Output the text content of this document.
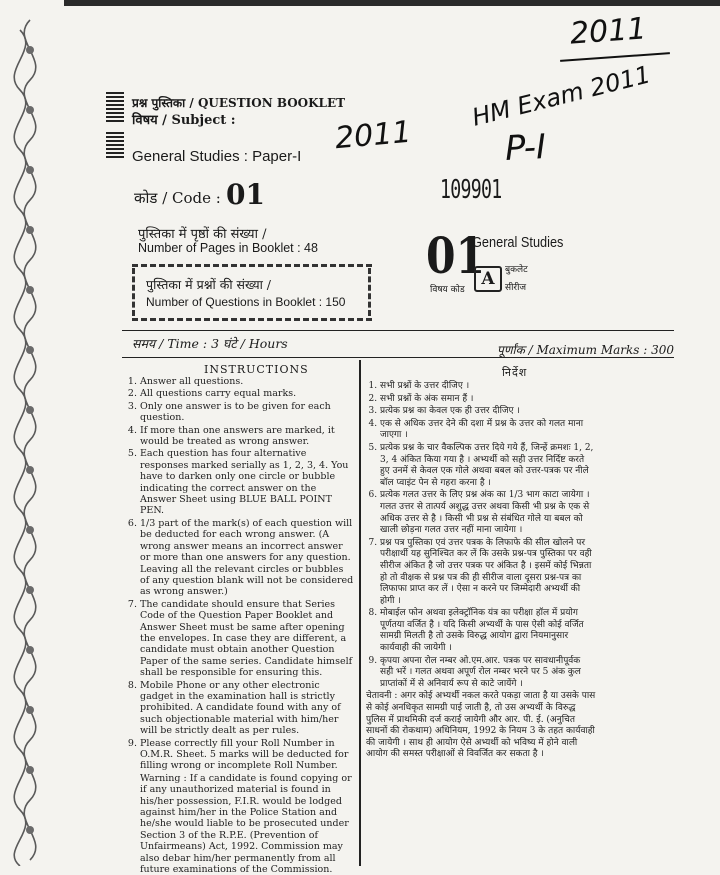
2011
HM Exam 2011
2011	P-I
प्रश्न पुस्तिका / QUESTION BOOKLET
विषय / Subject :
General Studies : Paper-I
कोड / Code : 01	109901
पुस्तिका में पृष्ठों की संख्या /
Number of Pages in Booklet : 48
पुस्तिका में प्रश्नों की संख्या /
Number of Questions in Booklet : 150
01
General Studies
बुकलेट
A	सीरीज
विषय कोड
समय / Time : 3 घंटे / Hours	पूर्णांक / Maximum Marks : 300
INSTRUCTIONS
1. Answer all questions.
2. All questions carry equal marks.
3. Only one answer is to be given for each question.
4. If more than one answers are marked, it would be treated as wrong answer.
5. Each question has four alternative responses marked serially as 1, 2, 3, 4. You have to darken only one circle or bubble indicating the correct answer on the Answer Sheet using BLUE BALL POINT PEN.
6. 1/3 part of the mark(s) of each question will be deducted for each wrong answer. (A wrong answer means an incorrect answer or more than one answers for any question. Leaving all the relevant circles or bubbles of any question blank will not be considered as wrong answer.)
7. The candidate should ensure that Series Code of the Question Paper Booklet and Answer Sheet must be same after opening the envelopes. In case they are different, a candidate must obtain another Question Paper of the same series. Candidate himself shall be responsible for ensuring this.
8. Mobile Phone or any other electronic gadget in the examination hall is strictly prohibited. A candidate found with any of such objectionable material with him/her will be strictly dealt as per rules.
9. Please correctly fill your Roll Number in O.M.R. Sheet. 5 marks will be deducted for filling wrong or incomplete Roll Number.
Warning : If a candidate is found copying or if any unauthorized material is found in his/her possession, F.I.R. would be lodged against him/her in the Police Station and he/she would liable to be prosecuted under Section 3 of the R.P.E. (Prevention of Unfairmeans) Act, 1992. Commission may also debar him/her permanently from all future examinations of the Commission.
निर्देश
1. सभी प्रश्नों के उत्तर दीजिए ।
2. सभी प्रश्नों के अंक समान हैं ।
3. प्रत्येक प्रश्न का केवल एक ही उत्तर दीजिए ।
4. एक से अधिक उत्तर देने की दशा में प्रश्न के उत्तर को गलत माना जाएगा ।
5. प्रत्येक प्रश्न के चार वैकल्पिक उत्तर दिये गये हैं, जिन्हें क्रमशः 1, 2, 3, 4 अंकित किया गया है । अभ्यर्थी को सही उत्तर निर्दिष्ट करते हुए उनमें से केवल एक गोले अथवा बबल को उत्तर-पत्रक पर नीले बॉल प्वाइंट पेन से गहरा करना है ।
6. प्रत्येक गलत उत्तर के लिए प्रश्न अंक का 1/3 भाग काटा जायेगा । गलत उत्तर से तात्पर्य अशुद्ध उत्तर अथवा किसी भी प्रश्न के एक से अधिक उत्तर से है । किसी भी प्रश्न से संबंधित गोले या बबल को खाली छोड़ना गलत उत्तर नहीं माना जायेगा ।
7. प्रश्न पत्र पुस्तिका एवं उत्तर पत्रक के लिफाफे की सील खोलने पर परीक्षार्थी यह सुनिश्चित कर लें कि उसके प्रश्न-पत्र पुस्तिका पर वही सीरीज अंकित है जो उत्तर पत्रक पर अंकित है । इसमें कोई भिन्नता हो तो वीक्षक से प्रश्न पत्र की ही सीरीज वाला दूसरा प्रश्न-पत्र का लिफाफा प्राप्त कर लें । ऐसा न करने पर जिम्मेदारी अभ्यर्थी की होगी ।
8. मोबाईल फोन अथवा इलेक्ट्रॉनिक यंत्र का परीक्षा हॉल में प्रयोग पूर्णतया वर्जित है । यदि किसी अभ्यर्थी के पास ऐसी कोई वर्जित सामग्री मिलती है तो उसके विरुद्ध आयोग द्वारा नियमानुसार कार्यवाही की जायेगी ।
9. कृपया अपना रोल नम्बर ओ.एम.आर. पत्रक पर सावधानीपूर्वक सही भरें । गलत अथवा अपूर्ण रोल नम्बर भरने पर 5 अंक कुल प्राप्तांकों में से अनिवार्य रूप से काटे जायेंगे ।
चेतावनी : अगर कोई अभ्यर्थी नकल करते पकड़ा जाता है या उसके पास से कोई अनधिकृत सामग्री पाई जाती है, तो उस अभ्यर्थी के विरुद्ध पुलिस में प्राथमिकी दर्ज कराई जायेगी और आर. पी. ई. (अनुचित साधनों की रोकथाम) अधिनियम, 1992 के नियम 3 के तहत कार्यवाही की जायेगी । साथ ही आयोग ऐसे अभ्यर्थी को भविष्य में होने वाली आयोग की समस्त परीक्षाओं से विवर्जित कर सकता है ।
